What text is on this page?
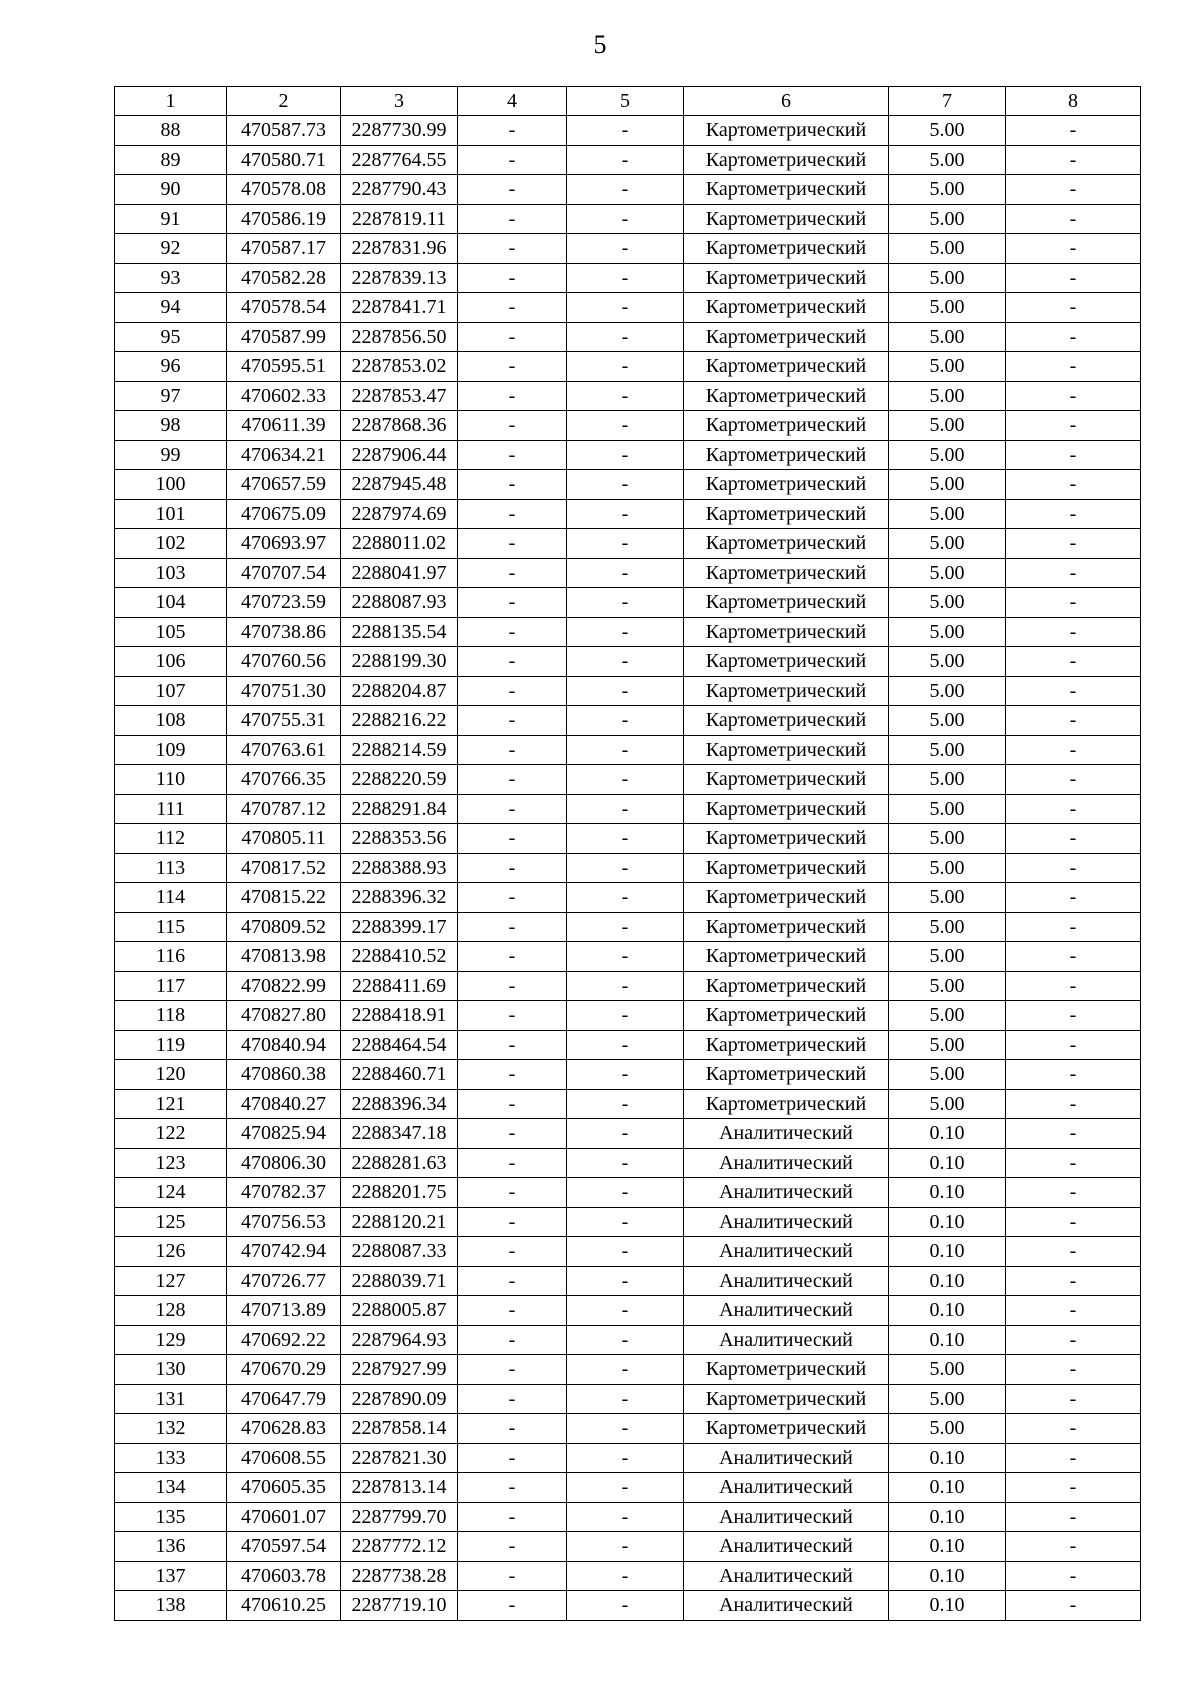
5
1	2	3	4	5	6	7	8
88	470587.73	2287730.99	-	-	Картометрический	5.00	-
89	470580.71	2287764.55	-	-	Картометрический	5.00	-
90	470578.08	2287790.43	-	-	Картометрический	5.00	-
91	470586.19	2287819.11	-	-	Картометрический	5.00	-
92	470587.17	2287831.96	-	-	Картометрический	5.00	-
93	470582.28	2287839.13	-	-	Картометрический	5.00	-
94	470578.54	2287841.71	-	-	Картометрический	5.00	-
95	470587.99	2287856.50	-	-	Картометрический	5.00	-
96	470595.51	2287853.02	-	-	Картометрический	5.00	-
97	470602.33	2287853.47	-	-	Картометрический	5.00	-
98	470611.39	2287868.36	-	-	Картометрический	5.00	-
99	470634.21	2287906.44	-	-	Картометрический	5.00	-
100	470657.59	2287945.48	-	-	Картометрический	5.00	-
101	470675.09	2287974.69	-	-	Картометрический	5.00	-
102	470693.97	2288011.02	-	-	Картометрический	5.00	-
103	470707.54	2288041.97	-	-	Картометрический	5.00	-
104	470723.59	2288087.93	-	-	Картометрический	5.00	-
105	470738.86	2288135.54	-	-	Картометрический	5.00	-
106	470760.56	2288199.30	-	-	Картометрический	5.00	-
107	470751.30	2288204.87	-	-	Картометрический	5.00	-
108	470755.31	2288216.22	-	-	Картометрический	5.00	-
109	470763.61	2288214.59	-	-	Картометрический	5.00	-
110	470766.35	2288220.59	-	-	Картометрический	5.00	-
111	470787.12	2288291.84	-	-	Картометрический	5.00	-
112	470805.11	2288353.56	-	-	Картометрический	5.00	-
113	470817.52	2288388.93	-	-	Картометрический	5.00	-
114	470815.22	2288396.32	-	-	Картометрический	5.00	-
115	470809.52	2288399.17	-	-	Картометрический	5.00	-
116	470813.98	2288410.52	-	-	Картометрический	5.00	-
117	470822.99	2288411.69	-	-	Картометрический	5.00	-
118	470827.80	2288418.91	-	-	Картометрический	5.00	-
119	470840.94	2288464.54	-	-	Картометрический	5.00	-
120	470860.38	2288460.71	-	-	Картометрический	5.00	-
121	470840.27	2288396.34	-	-	Картометрический	5.00	-
122	470825.94	2288347.18	-	-	Аналитический	0.10	-
123	470806.30	2288281.63	-	-	Аналитический	0.10	-
124	470782.37	2288201.75	-	-	Аналитический	0.10	-
125	470756.53	2288120.21	-	-	Аналитический	0.10	-
126	470742.94	2288087.33	-	-	Аналитический	0.10	-
127	470726.77	2288039.71	-	-	Аналитический	0.10	-
128	470713.89	2288005.87	-	-	Аналитический	0.10	-
129	470692.22	2287964.93	-	-	Аналитический	0.10	-
130	470670.29	2287927.99	-	-	Картометрический	5.00	-
131	470647.79	2287890.09	-	-	Картометрический	5.00	-
132	470628.83	2287858.14	-	-	Картометрический	5.00	-
133	470608.55	2287821.30	-	-	Аналитический	0.10	-
134	470605.35	2287813.14	-	-	Аналитический	0.10	-
135	470601.07	2287799.70	-	-	Аналитический	0.10	-
136	470597.54	2287772.12	-	-	Аналитический	0.10	-
137	470603.78	2287738.28	-	-	Аналитический	0.10	-
138	470610.25	2287719.10	-	-	Аналитический	0.10	-
